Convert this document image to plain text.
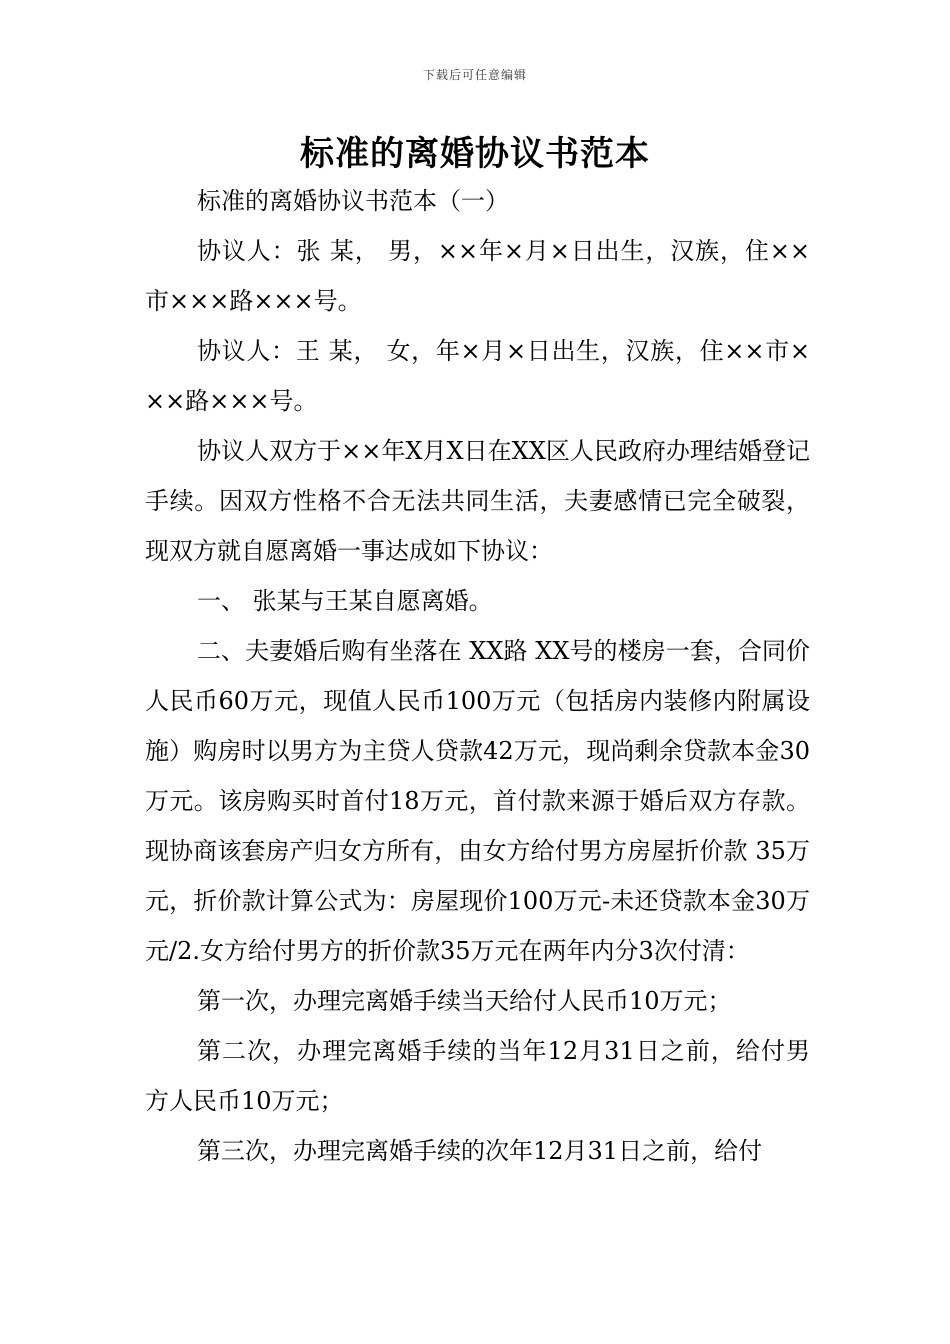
下载后可任意编辑
标准的离婚协议书范本

标准的离婚协议书范本（一）

协议人：张 某， 男，××年×月×日出生，汉族，住××市×××路×××号。

协议人：王 某， 女，年×月×日出生，汉族，住××市×××路×××号。

协议人双方于××年X月X日在XX区人民政府办理结婚登记手续。因双方性格不合无法共同生活，夫妻感情已完全破裂，现双方就自愿离婚一事达成如下协议：

一、 张某与王某自愿离婚。

二、夫妻婚后购有坐落在 XX路 XX号的楼房一套，合同价人民币60万元，现值人民币100万元（包括房内装修内附属设施）购房时以男方为主贷人贷款42万元，现尚剩余贷款本金30万元。该房购买时首付18万元，首付款来源于婚后双方存款。现协商该套房产归女方所有，由女方给付男方房屋折价款 35万元，折价款计算公式为：房屋现价100万元-未还贷款本金30万元/2.女方给付男方的折价款35万元在两年内分3次付清：

第一次，办理完离婚手续当天给付人民币10万元；

第二次，办理完离婚手续的当年12月31日之前，给付男方人民币10万元；

第三次，办理完离婚手续的次年12月31日之前，给付
